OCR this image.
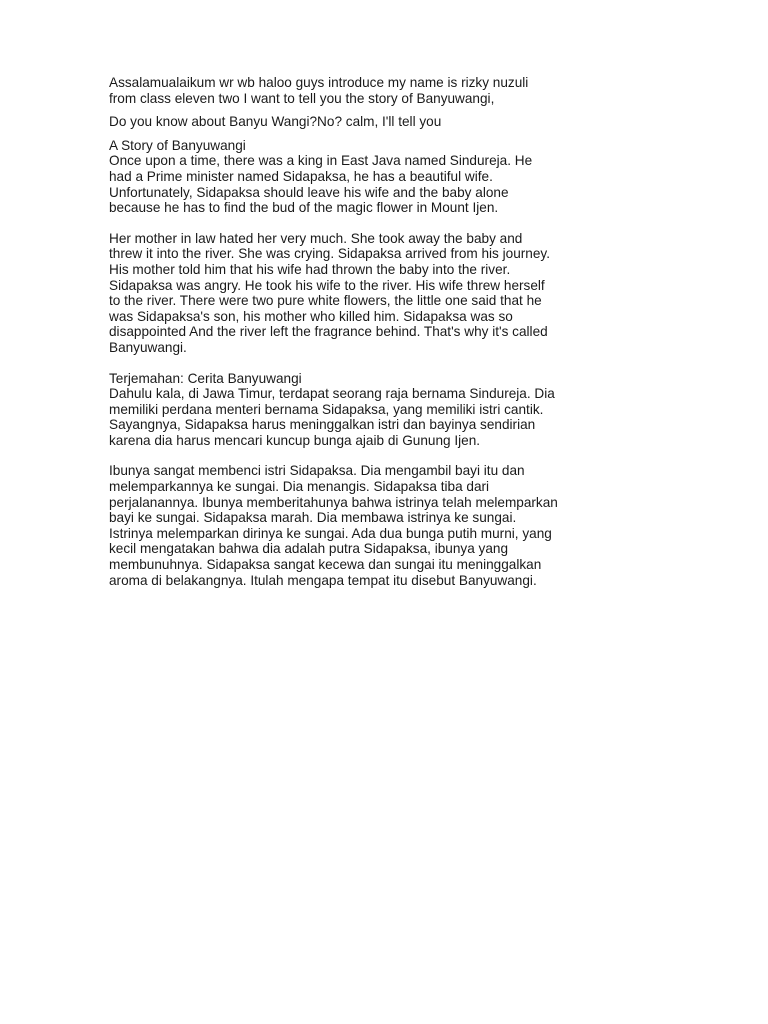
Assalamualaikum wr wb haloo guys introduce my name is rizky nuzuli
from class eleven two I want to tell you the story of Banyuwangi,

Do you know about Banyu Wangi?No? calm, I'll tell you

A Story of Banyuwangi

Once upon a time, there was a king in East Java named Sindureja. He
had a Prime minister named Sidapaksa, he has a beautiful wife.
Unfortunately, Sidapaksa should leave his wife and the baby alone
because he has to find the bud of the magic flower in Mount Ijen.

Her mother in law hated her very much. She took away the baby and
threw it into the river. She was crying. Sidapaksa arrived from his journey.
His mother told him that his wife had thrown the baby into the river.
Sidapaksa was angry. He took his wife to the river. His wife threw herself
to the river. There were two pure white flowers, the little one said that he
was Sidapaksa's son, his mother who killed him. Sidapaksa was so
disappointed And the river left the fragrance behind. That's why it's called
Banyuwangi.

Terjemahan: Cerita Banyuwangi

Dahulu kala, di Jawa Timur, terdapat seorang raja bernama Sindureja. Dia
memiliki perdana menteri bernama Sidapaksa, yang memiliki istri cantik.
Sayangnya, Sidapaksa harus meninggalkan istri dan bayinya sendirian
karena dia harus mencari kuncup bunga ajaib di Gunung Ijen.

Ibunya sangat membenci istri Sidapaksa. Dia mengambil bayi itu dan
melemparkannya ke sungai. Dia menangis. Sidapaksa tiba dari
perjalanannya. Ibunya memberitahunya bahwa istrinya telah melemparkan
bayi ke sungai. Sidapaksa marah. Dia membawa istrinya ke sungai.
Istrinya melemparkan dirinya ke sungai. Ada dua bunga putih murni, yang
kecil mengatakan bahwa dia adalah putra Sidapaksa, ibunya yang
membunuhnya. Sidapaksa sangat kecewa dan sungai itu meninggalkan
aroma di belakangnya. Itulah mengapa tempat itu disebut Banyuwangi.
